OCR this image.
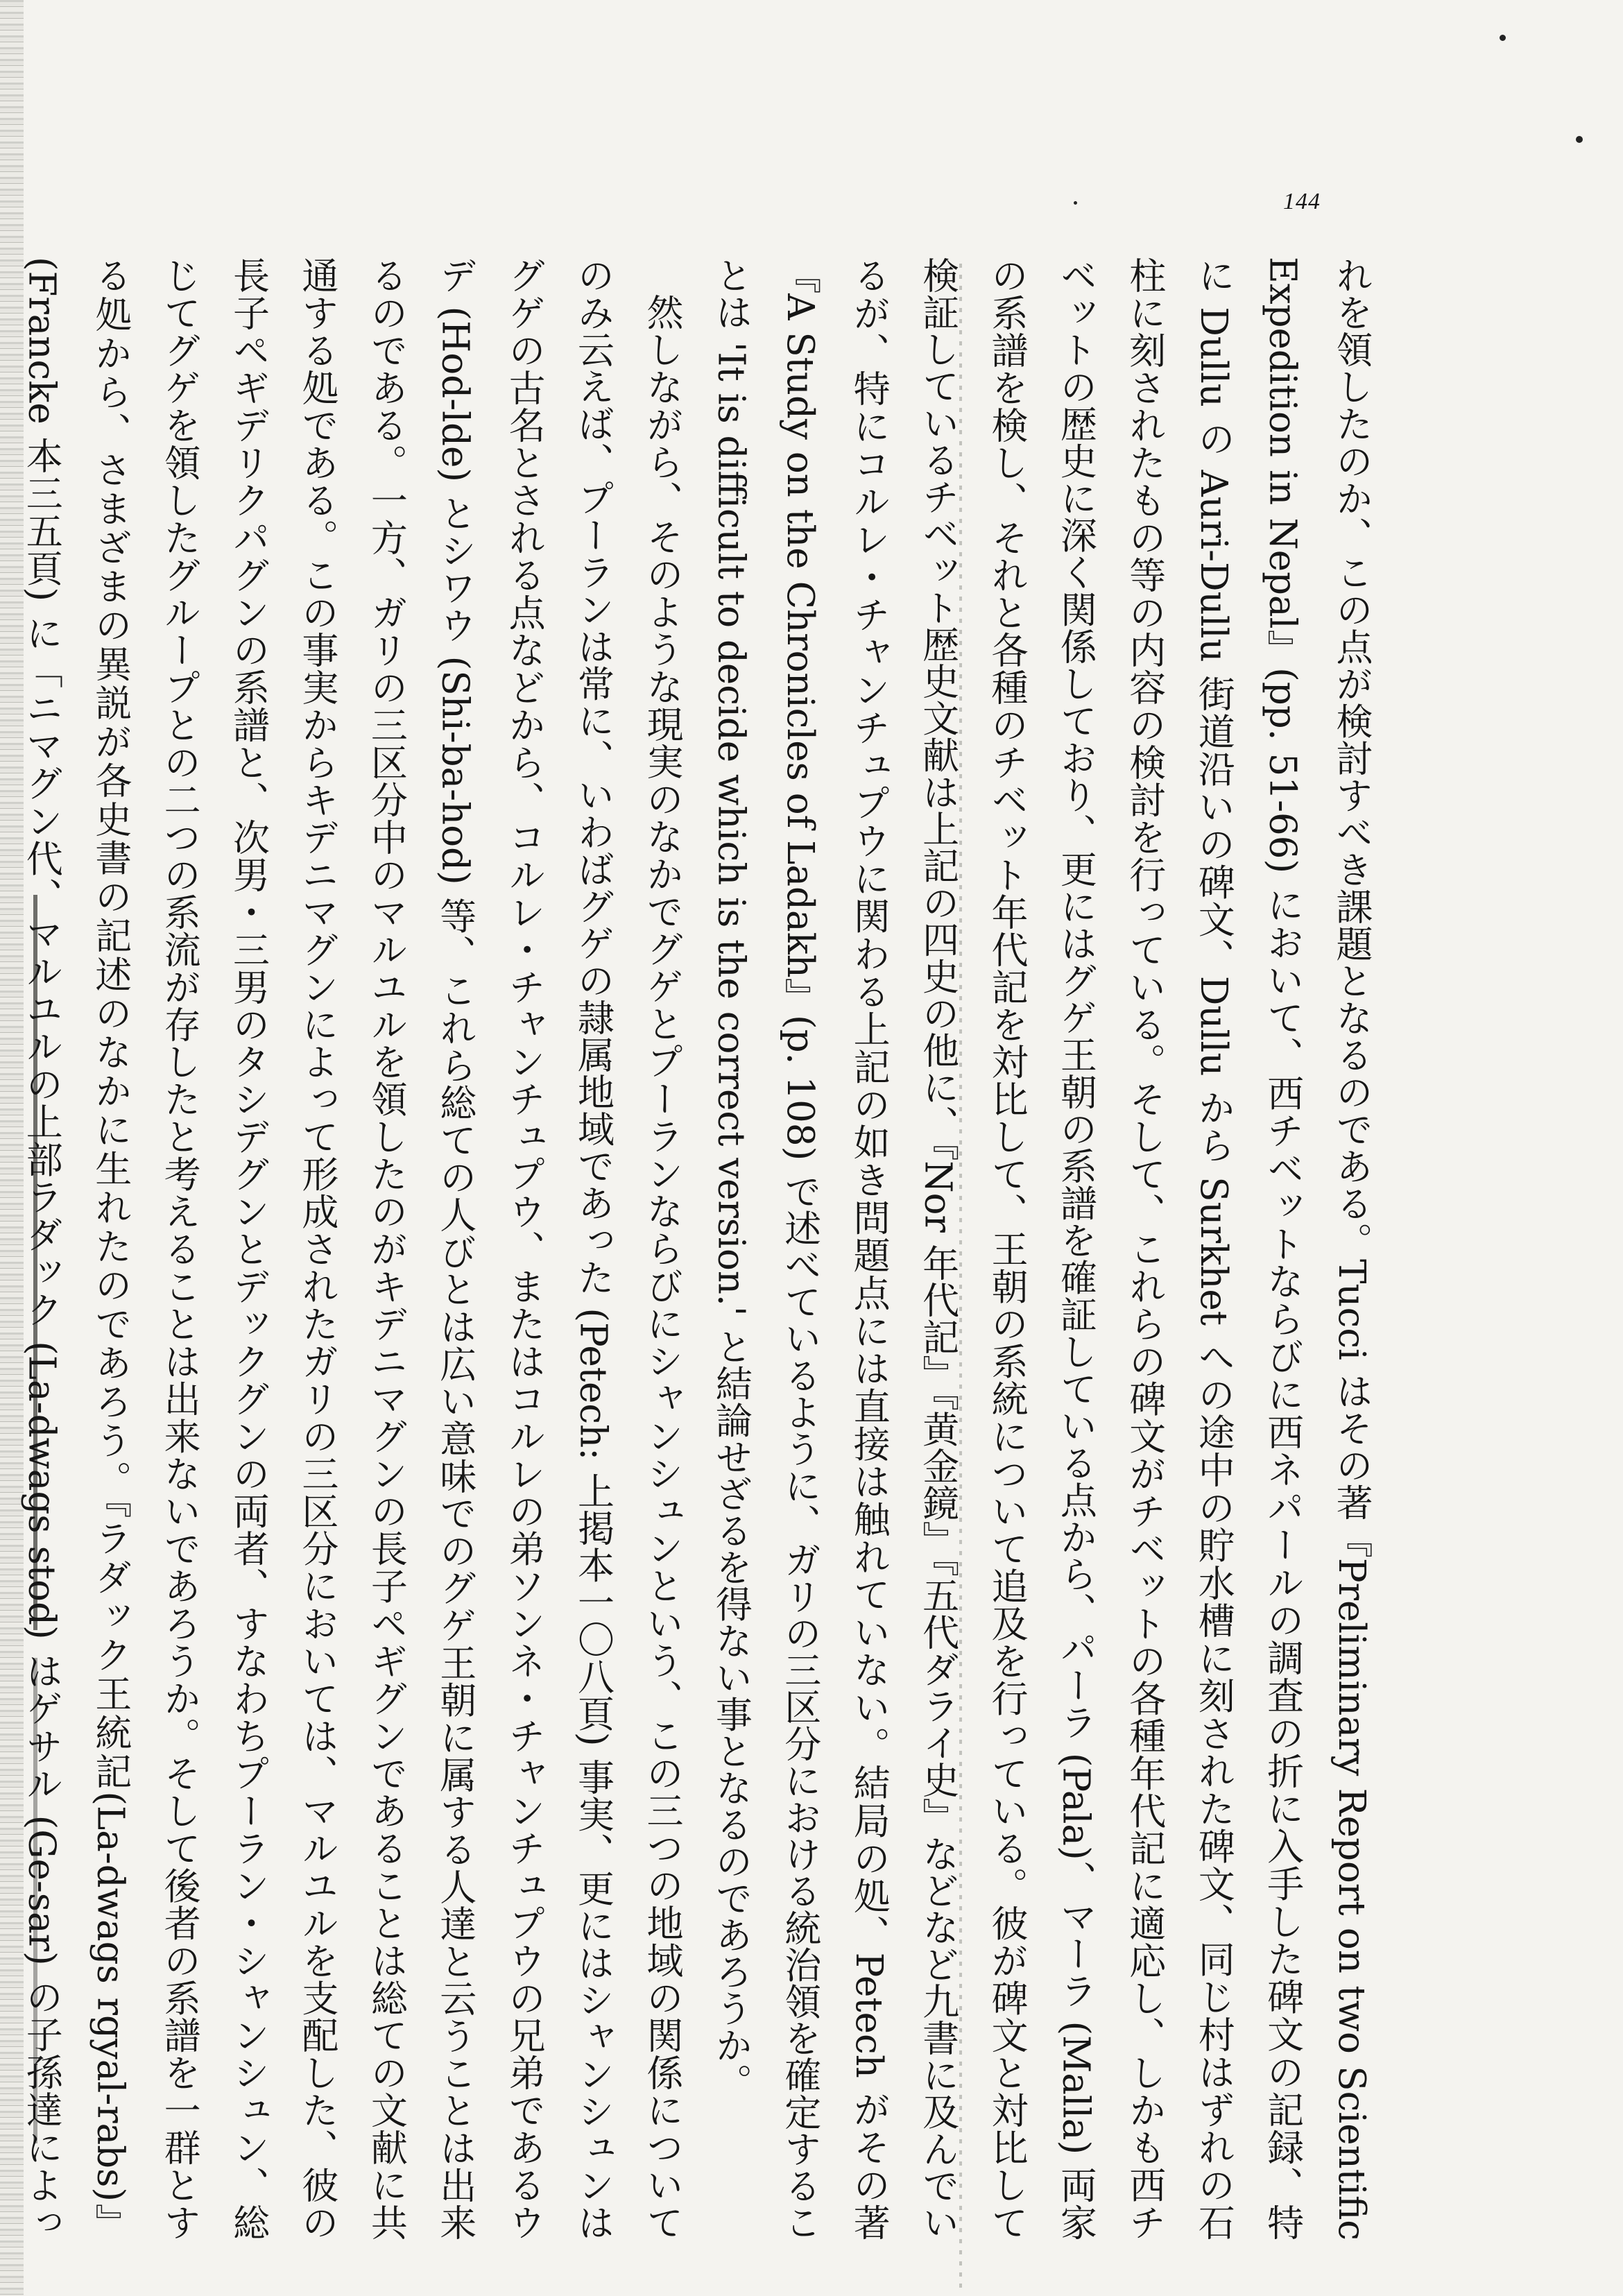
144

れを領したのか、この点が検討すべき課題となるのである。Tucci はその著『Preliminary Report on two Scientific Expedition in Nepal』(pp. 51-66) において、西チベットならびに西ネパールの調査の折に入手した碑文の記録、特に Dullu の Auri-Dullu 街道沿いの碑文、Dullu から Surkhet への途中の貯水槽に刻された碑文、同じ村はずれの石柱に刻されたもの等の内容の検討を行っている。そして、これらの碑文がチベットの各種年代記に適応し、しかも西チベットの歴史に深く関係しており、更にはグゲ王朝の系譜を確証している点から、パーラ (Pala)、マーラ (Malla) 両家の系譜を検し、それと各種のチベット年代記を対比して、王朝の系統について追及を行っている。彼が碑文と対比して検証しているチベット歴史文献は上記の四史の他に、『Nor 年代記』『黄金鏡』『五代ダライ史』などなど九書に及んでいるが、特にコルレ・チャンチュプウに関わる上記の如き問題点には直接は触れていない。結局の処、Petech がその著『A Study on the Chronicles of Ladakh』(p. 108) で述べているように、ガリの三区分における統治領を確定することは 'It is difficult to decide which is the correct version.' と結論せざるを得ない事となるのであろうか。

然しながら、そのような現実のなかでグゲとプーランならびにシャンシュンという、この三つの地域の関係についてのみ云えば、プーランは常に、いわばグゲの隷属地域であった (Petech: 上掲本一〇八頁) 事実、更にはシャンシュンはグゲの古名とされる点などから、コルレ・チャンチュプウ、またはコルレの弟ソンネ・チャンチュプウの兄弟であるウデ (Hod-lde) とシワウ (Shi-ba-hod) 等、これら総ての人びとは広い意味でのグゲ王朝に属する人達と云うことは出来るのである。一方、ガリの三区分中のマルユルを領したのがキデニマグンの長子ペギグンであることは総ての文献に共通する処である。この事実からキデニマグンによって形成されたガリの三区分においては、マルユルを支配した、彼の長子ペギデリクパグンの系譜と、次男・三男のタシデグンとデックグンの両者、すなわちプーラン・シャンシュン、総じてグゲを領したグループとの二つの系流が存したと考えることは出来ないであろうか。そして後者の系譜を一群とする処から、さまざまの異説が各史書の記述のなかに生れたのであろう。『ラダック王統記(La-dwags rgyal-rabs)』(Francke 本三五頁) に「ニマグン代、マルユルの上部ラダック (La-dwags stod) はゲサル (Ge-sar) の子孫達によっ
